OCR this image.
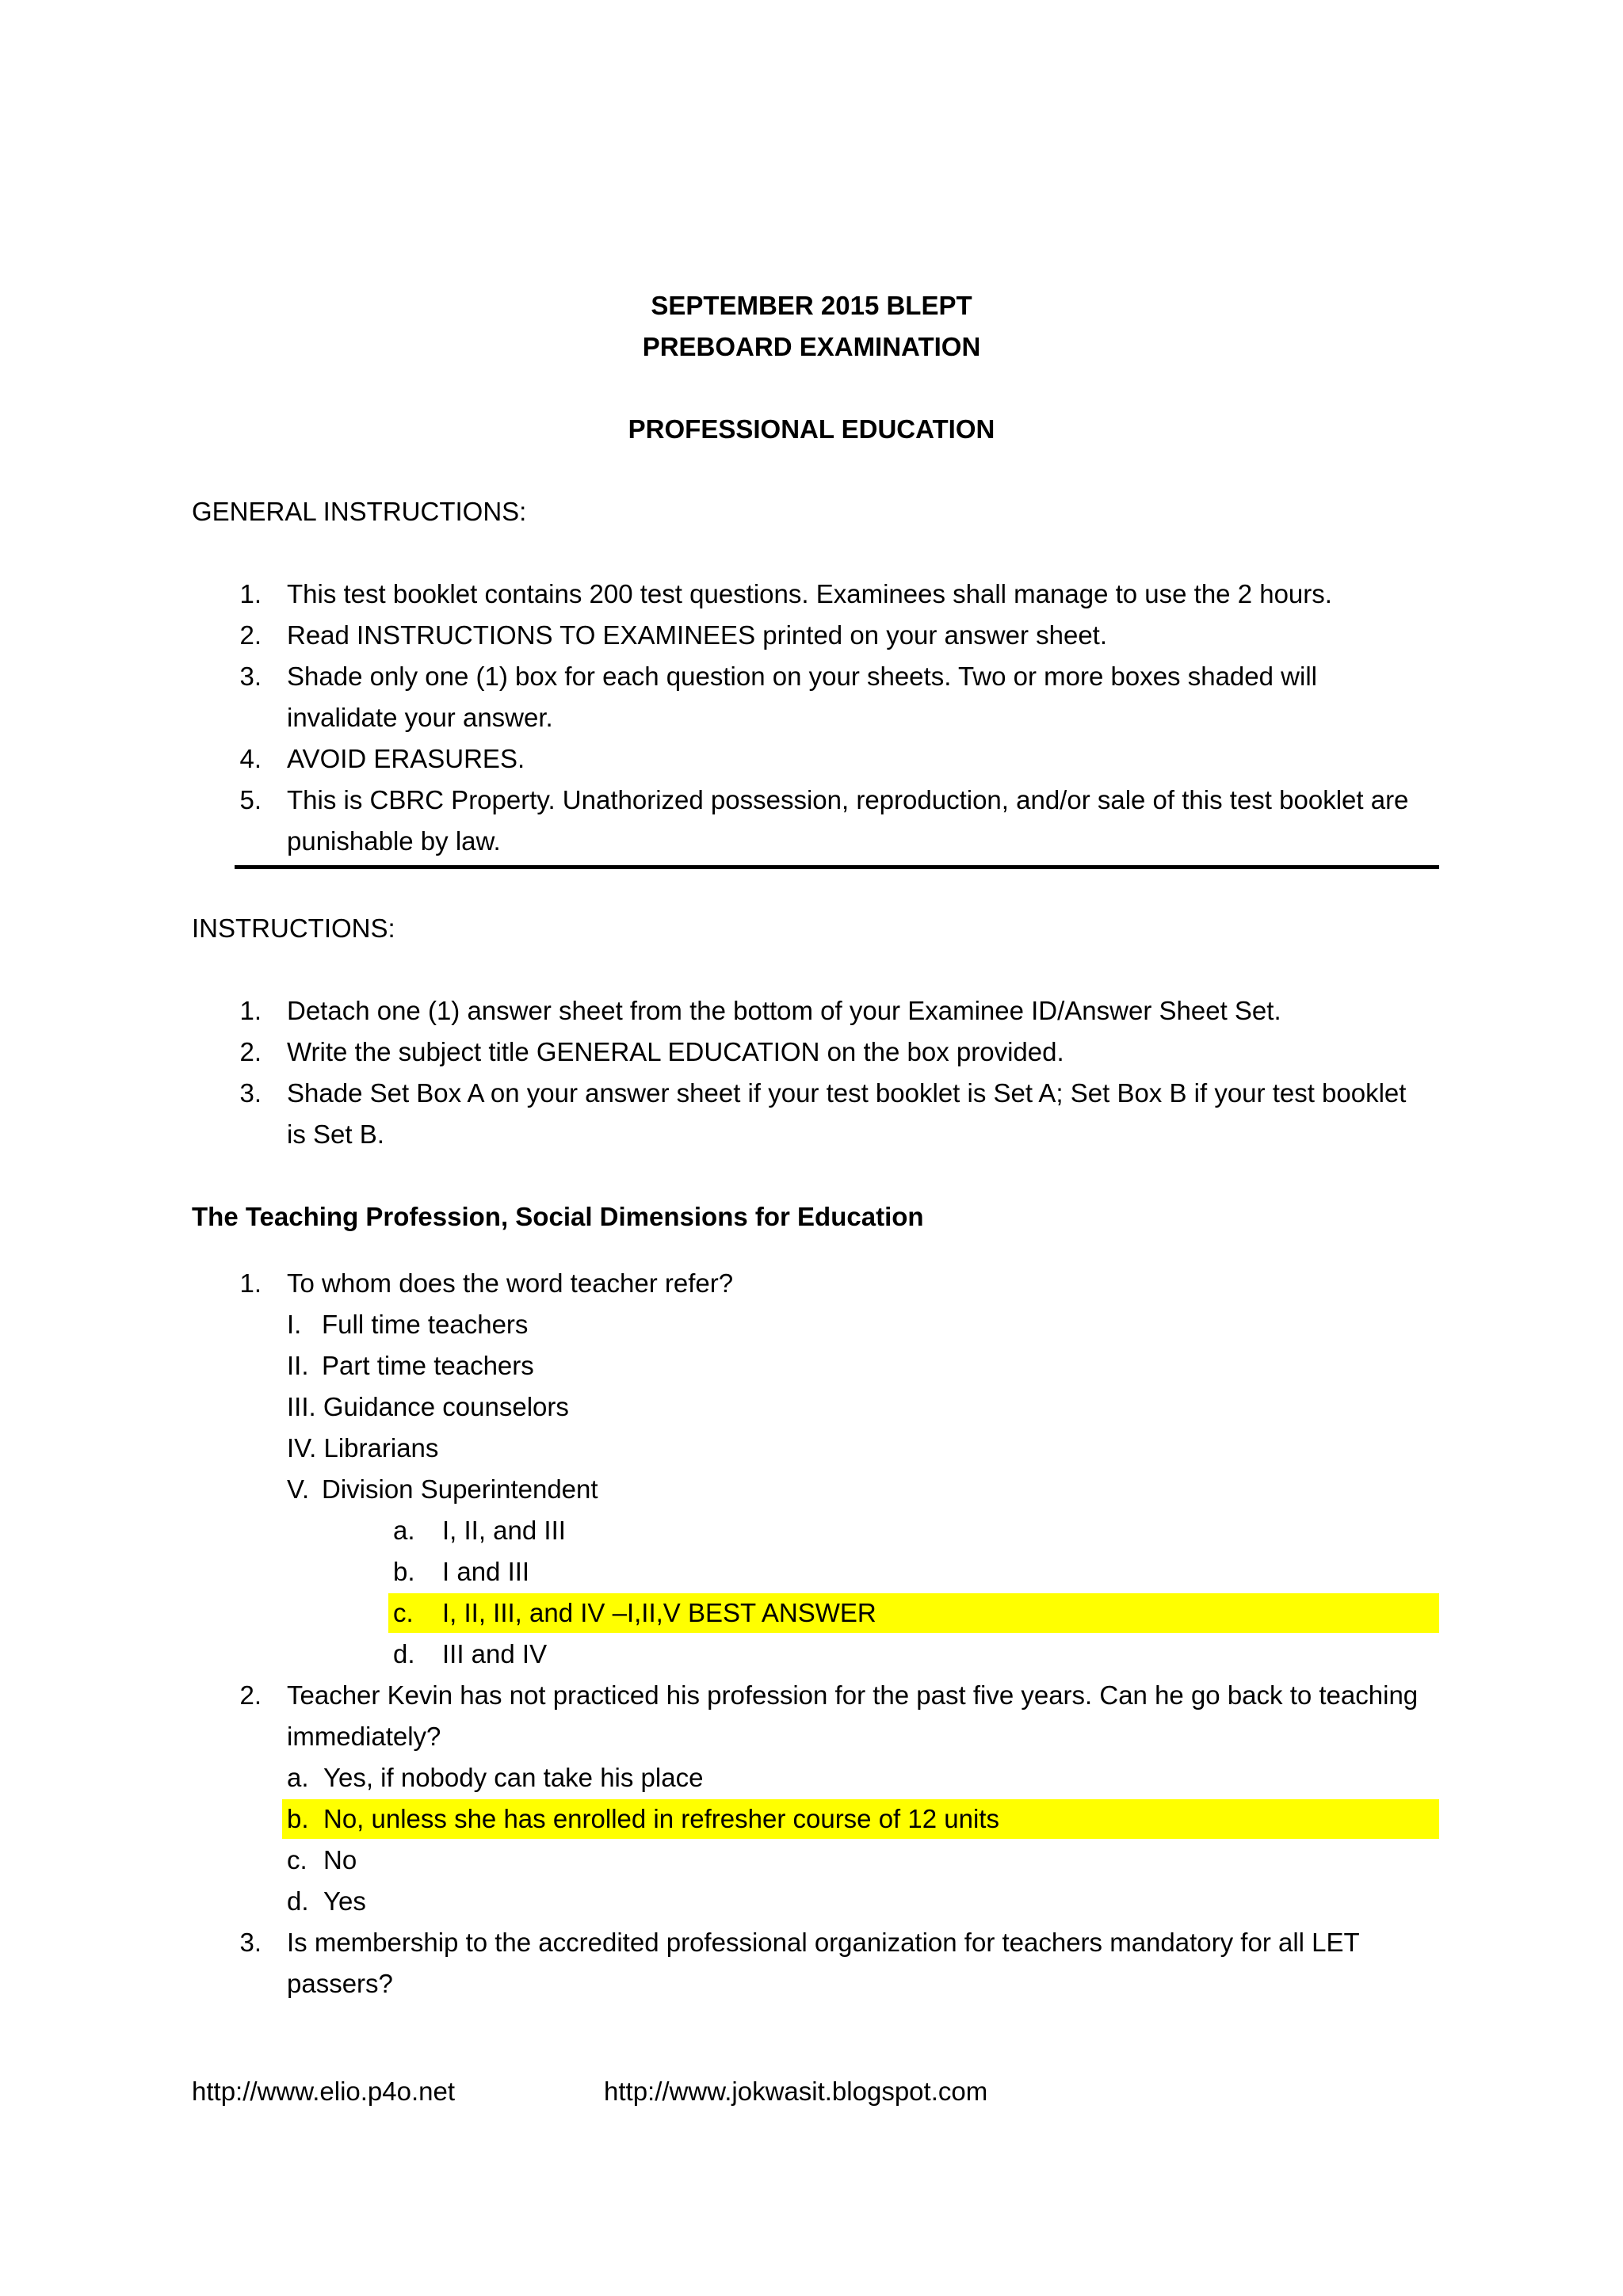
SEPTEMBER 2015 BLEPT
PREBOARD EXAMINATION
PROFESSIONAL EDUCATION
GENERAL INSTRUCTIONS:
1. This test booklet contains 200 test questions. Examinees shall manage to use the 2 hours.
2. Read INSTRUCTIONS TO EXAMINEES printed on your answer sheet.
3. Shade only one (1) box for each question on your sheets. Two or more boxes shaded will
invalidate your answer.
4. AVOID ERASURES.
5. This is CBRC Property. Unathorized possession, reproduction, and/or sale of this test booklet are
punishable by law.
INSTRUCTIONS:
1. Detach one (1) answer sheet from the bottom of your Examinee ID/Answer Sheet Set.
2. Write the subject title GENERAL EDUCATION on the box provided.
3. Shade Set Box A on your answer sheet if your test booklet is Set A; Set Box B if your test booklet
is Set B.
The Teaching Profession, Social Dimensions for Education
1. To whom does the word teacher refer?
I. Full time teachers
II. Part time teachers
III. Guidance counselors
IV. Librarians
V. Division Superintendent
a. I, II, and III
b. I and III
c. I, II, III, and IV –I,II,V BEST ANSWER
d. III and IV
2. Teacher Kevin has not practiced his profession for the past five years. Can he go back to teaching
immediately?
a. Yes, if nobody can take his place
b. No, unless she has enrolled in refresher course of 12 units
c. No
d. Yes
3. Is membership to the accredited professional organization for teachers mandatory for all LET
passers?
http://www.elio.p4o.net	http://www.jokwasit.blogspot.com
